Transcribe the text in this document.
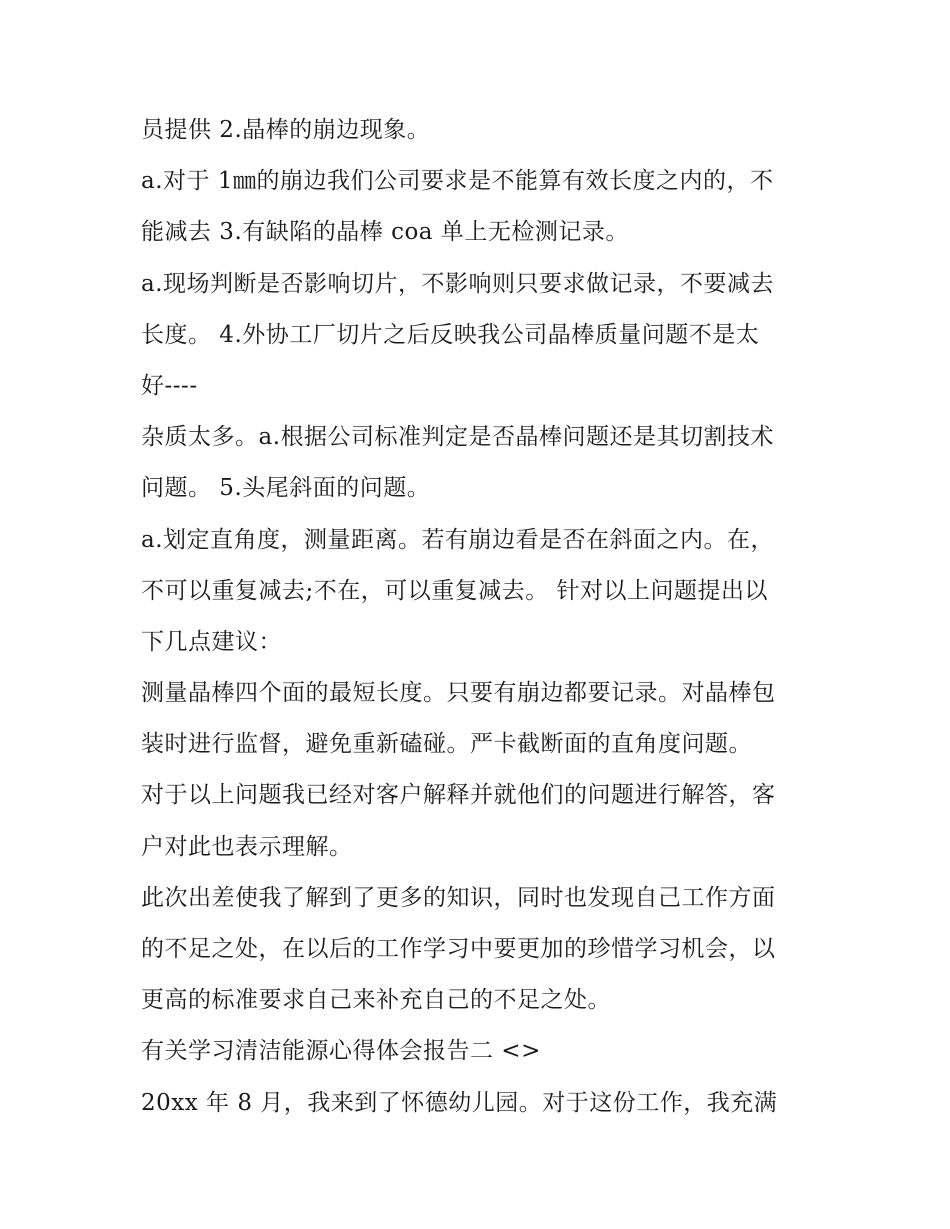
员提供 2.晶棒的崩边现象。
a.对于 1㎜的崩边我们公司要求是不能算有效长度之内的，不
能减去 3.有缺陷的晶棒 coa 单上无检测记录。
a.现场判断是否影响切片，不影响则只要求做记录，不要减去
长度。 4.外协工厂切片之后反映我公司晶棒质量问题不是太
好----
杂质太多。a.根据公司标准判定是否晶棒问题还是其切割技术
问题。 5.头尾斜面的问题。
a.划定直角度，测量距离。若有崩边看是否在斜面之内。在，
不可以重复减去;不在，可以重复减去。 针对以上问题提出以
下几点建议：
测量晶棒四个面的最短长度。只要有崩边都要记录。对晶棒包
装时进行监督，避免重新磕碰。严卡截断面的直角度问题。
对于以上问题我已经对客户解释并就他们的问题进行解答，客
户对此也表示理解。
此次出差使我了解到了更多的知识，同时也发现自己工作方面
的不足之处，在以后的工作学习中要更加的珍惜学习机会，以
更高的标准要求自己来补充自己的不足之处。
有关学习清洁能源心得体会报告二 <>
20xx 年 8 月，我来到了怀德幼儿园。对于这份工作，我充满
